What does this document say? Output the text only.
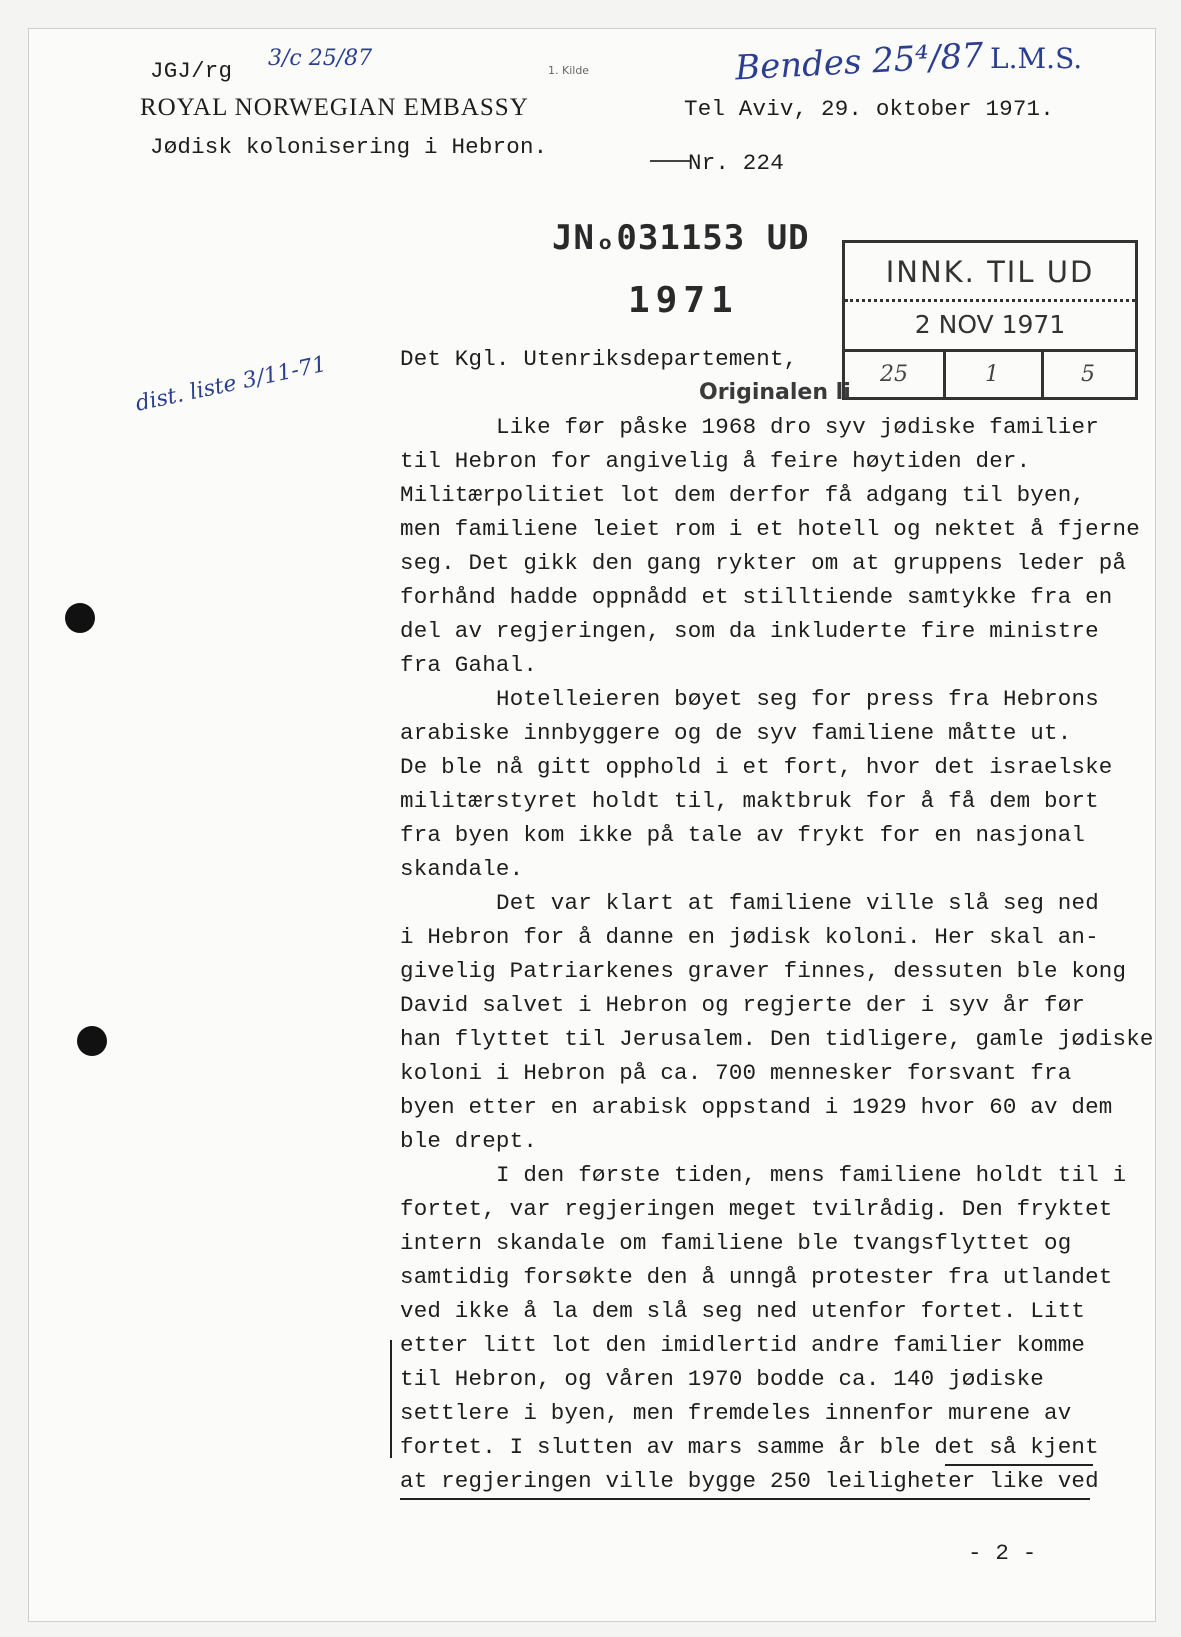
JGJ/rg 3/c 25/87	1. Kilde	Bendes 25⁴/87 L.M.S.
ROYAL NORWEGIAN EMBASSY	Tel Aviv, 29. oktober 1971.
Jødisk kolonisering i Hebron.
Nr. 224
JNₒ031153 UD
1971
INNK. TIL UD
2 NOV 1971
25	1	5
Originalen li
dist. liste 3/11-71	Det Kgl. Utenriksdepartement,
Like før påske 1968 dro syv jødiske familier
til Hebron for angivelig å feire høytiden der.
Militærpolitiet lot dem derfor få adgang til byen,
men familiene leiet rom i et hotell og nektet å fjerne
seg. Det gikk den gang rykter om at gruppens leder på
forhånd hadde oppnådd et stilltiende samtykke fra en
del av regjeringen, som da inkluderte fire ministre
fra Gahal.
Hotelleieren bøyet seg for press fra Hebrons
arabiske innbyggere og de syv familiene måtte ut.
De ble nå gitt opphold i et fort, hvor det israelske
militærstyret holdt til, maktbruk for å få dem bort
fra byen kom ikke på tale av frykt for en nasjonal
skandale.
Det var klart at familiene ville slå seg ned
i Hebron for å danne en jødisk koloni. Her skal an-
givelig Patriarkenes graver finnes, dessuten ble kong
David salvet i Hebron og regjerte der i syv år før
han flyttet til Jerusalem. Den tidligere, gamle jødiske
koloni i Hebron på ca. 700 mennesker forsvant fra
byen etter en arabisk oppstand i 1929 hvor 60 av dem
ble drept.
I den første tiden, mens familiene holdt til i
fortet, var regjeringen meget tvilrådig. Den fryktet
intern skandale om familiene ble tvangsflyttet og
samtidig forsøkte den å unngå protester fra utlandet
ved ikke å la dem slå seg ned utenfor fortet. Litt
etter litt lot den imidlertid andre familier komme
til Hebron, og våren 1970 bodde ca. 140 jødiske
settlere i byen, men fremdeles innenfor murene av
fortet. I slutten av mars samme år ble det så kjent
at regjeringen ville bygge 250 leiligheter like ved
- 2 -
